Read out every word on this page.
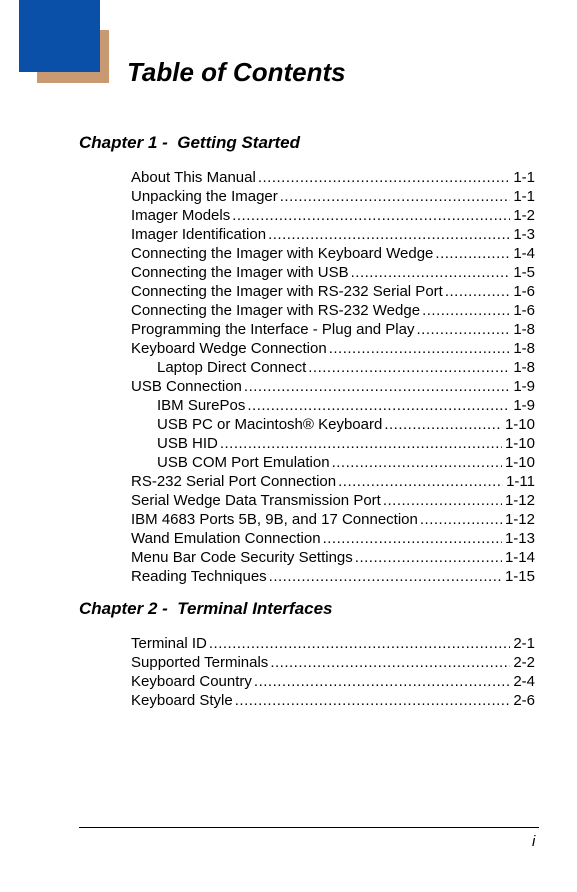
Table of Contents
Chapter 1 -  Getting Started
About This Manual .....	1-1
Unpacking the Imager .....	1-1
Imager Models .....	1-2
Imager Identification .....	1-3
Connecting the Imager with Keyboard Wedge .....	1-4
Connecting the Imager with USB .....	1-5
Connecting the Imager with RS-232 Serial Port .....	1-6
Connecting the Imager with RS-232 Wedge .....	1-6
Programming the Interface - Plug and Play .....	1-8
Keyboard Wedge Connection .....	1-8
Laptop Direct Connect .....	1-8
USB Connection .....	1-9
IBM SurePos .....	1-9
USB PC or Macintosh® Keyboard .....	1-10
USB HID .....	1-10
USB COM Port Emulation .....	1-10
RS-232 Serial Port Connection .....	1-11
Serial Wedge Data Transmission Port .....	1-12
IBM 4683 Ports 5B, 9B, and 17 Connection .....	1-12
Wand Emulation Connection .....	1-13
Menu Bar Code Security Settings .....	1-14
Reading Techniques .....	1-15
Chapter 2 -  Terminal Interfaces
Terminal ID .....	2-1
Supported Terminals .....	2-2
Keyboard Country .....	2-4
Keyboard Style .....	2-6
i
